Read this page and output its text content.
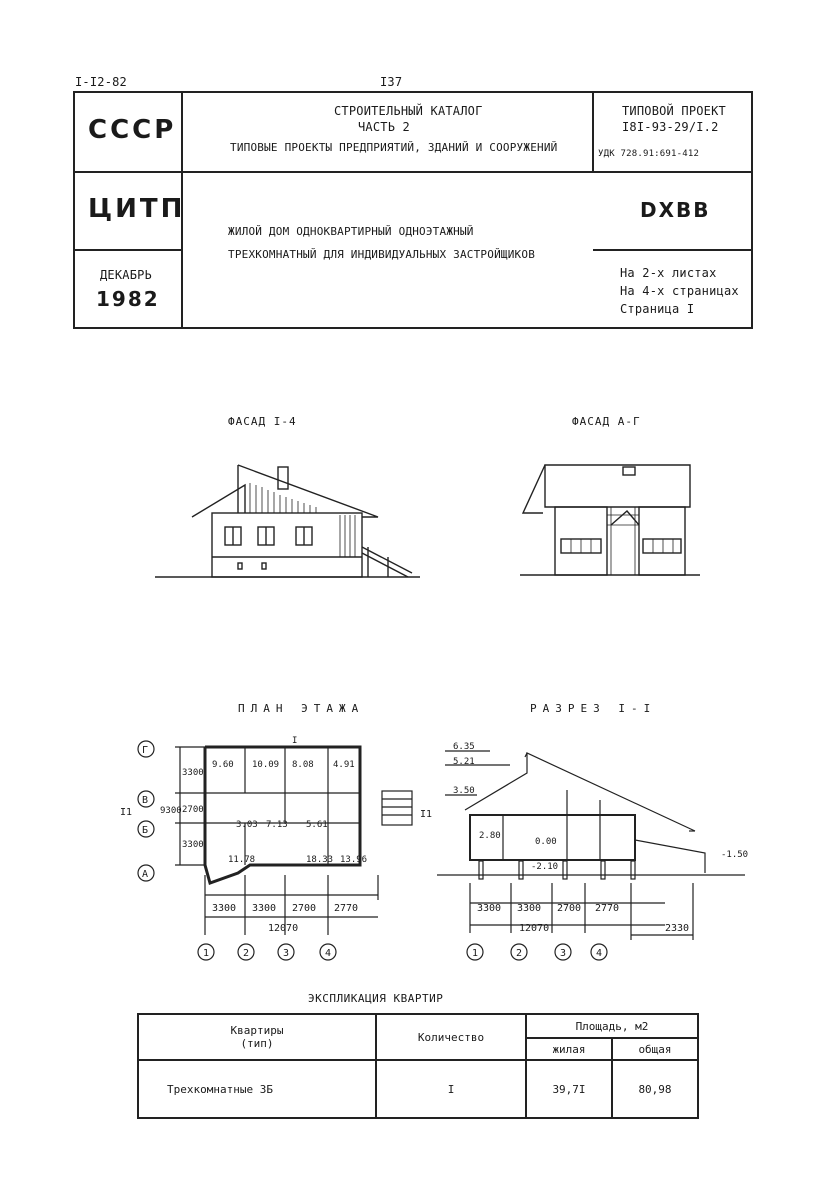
I-I2-82	I37
СССР
ЦИТП
ДЕКАБРЬ
1982
СТРОИТЕЛЬНЫЙ КАТАЛОГ
ЧАСТЬ 2
ТИПОВЫЕ ПРОЕКТЫ ПРЕДПРИЯТИЙ, ЗДАНИЙ И СООРУЖЕНИЙ
ТИПОВОЙ ПРОЕКТ
I8I-93-29/I.2
УДК 728.91:691-412
DXBB
ЖИЛОЙ ДОМ ОДНОКВАРТИРНЫЙ ОДНОЭТАЖНЫЙ
ТРЕХКОМНАТНЫЙ ДЛЯ ИНДИВИДУАЛЬНЫХ ЗАСТРОЙЩИКОВ
На 2-х листах
На 4-х страницах
Страница I
ФАСАД I-4	ФАСАД А-Г
ПЛАН ЭТАЖА	РАЗРЕЗ I-I
Г
В
Б
А
1	2	3	4
3300
2700
3300
9300
3300 3300 2700 2770
12070
9.60 10.09 8.08 4.91
3.03 7.13 5.61
11.78	18.33 13.96
I
I1	I1
6.35
5.21
3.50
2.80
0.00
-2.10
-1.50
3300 3300 2700 2770
12070	2330
1	2	3	4
ЭКСПЛИКАЦИЯ КВАРТИР
Квартиры
(тип)	Количество	Площадь, м2	
		жилая	общая
Трехкомнатные 3Б	I	39,7I	80,98
